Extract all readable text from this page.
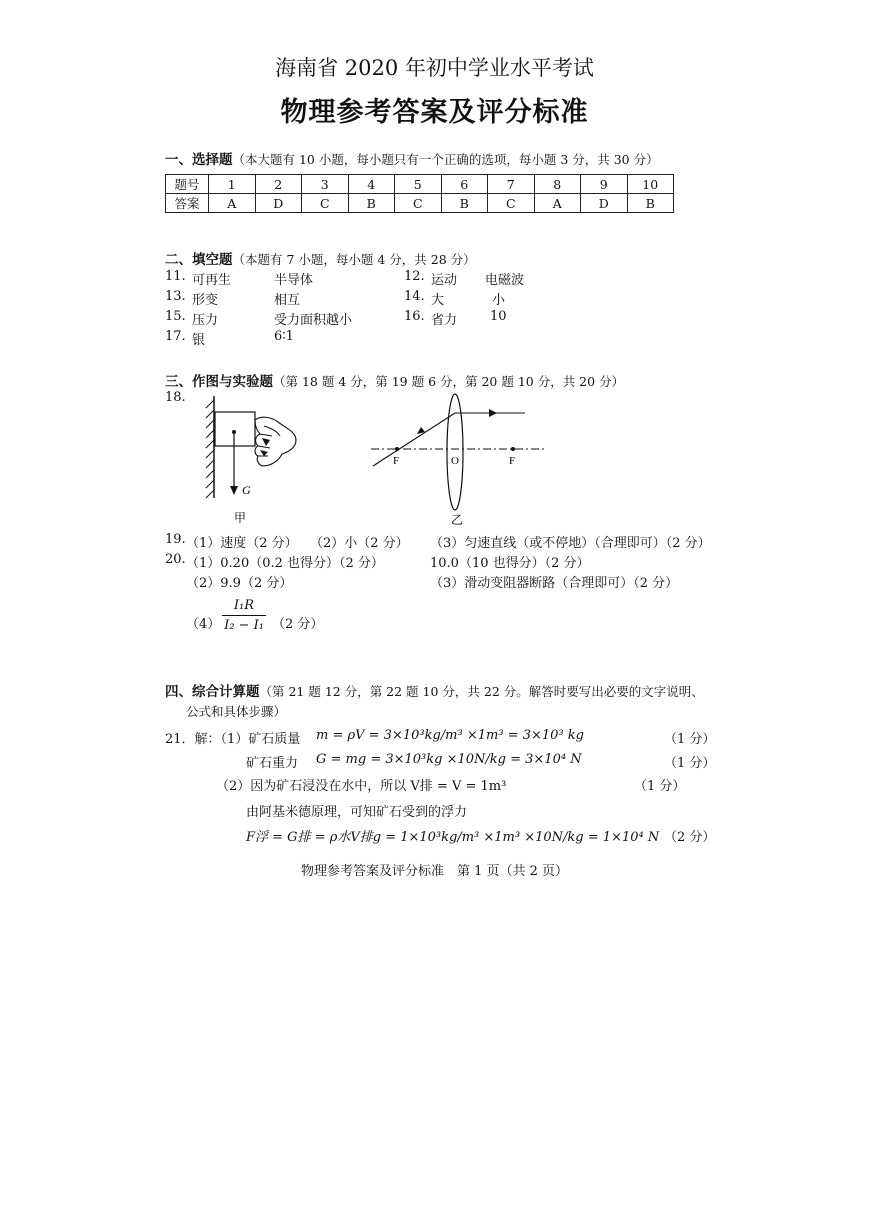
海南省 2020 年初中学业水平考试
物理参考答案及评分标准
一、选择题（本大题有 10 小题，每小题只有一个正确的选项，每小题 3 分，共 30 分）
题号	1	2	3	4	5	6	7	8	9	10
答案	A	D	C	B	C	B	C	A	D	B
二、填空题（本题有 7 小题，每小题 4 分，共 28 分）
11. 可再生	半导体	12. 运动 电磁波
13. 形变	相互	14. 大	小
15. 压力	受力面积越小	16. 省力	10
17. 银	6∶1
三、作图与实验题（第 18 题 4 分，第 19 题 6 分，第 20 题 10 分，共 20 分）
18.
G
甲
F	O	F
乙
19. （1）速度（2 分） （2）小（2 分） （3）匀速直线（或不停地）（合理即可）（2 分）
20. （1）0.20（0.2 也得分）（2 分）	10.0（10 也得分）（2 分）
（2）9.9（2 分）	（3）滑动变阻器断路（合理即可）（2 分）
（4）
I₁R
I₂ − I₁ （2 分）
四、综合计算题（第 21 题 12 分，第 22 题 10 分，共 22 分。解答时要写出必要的文字说明、
公式和具体步骤）
21．解：（1）矿石质量 m = ρV = 3×10³kg/m³ ×1m³ = 3×10³ kg	（1 分）
矿石重力 G = mg = 3×10³kg ×10N/kg = 3×10⁴ N	（1 分）
（2）因为矿石浸没在水中，所以 V排 = V = 1m³	（1 分）
由阿基米德原理，可知矿石受到的浮力
F浮 = G排 = ρ水V排g = 1×10³kg/m³ ×1m³ ×10N/kg = 1×10⁴ N （2 分）
物理参考答案及评分标准　第 1 页（共 2 页）
